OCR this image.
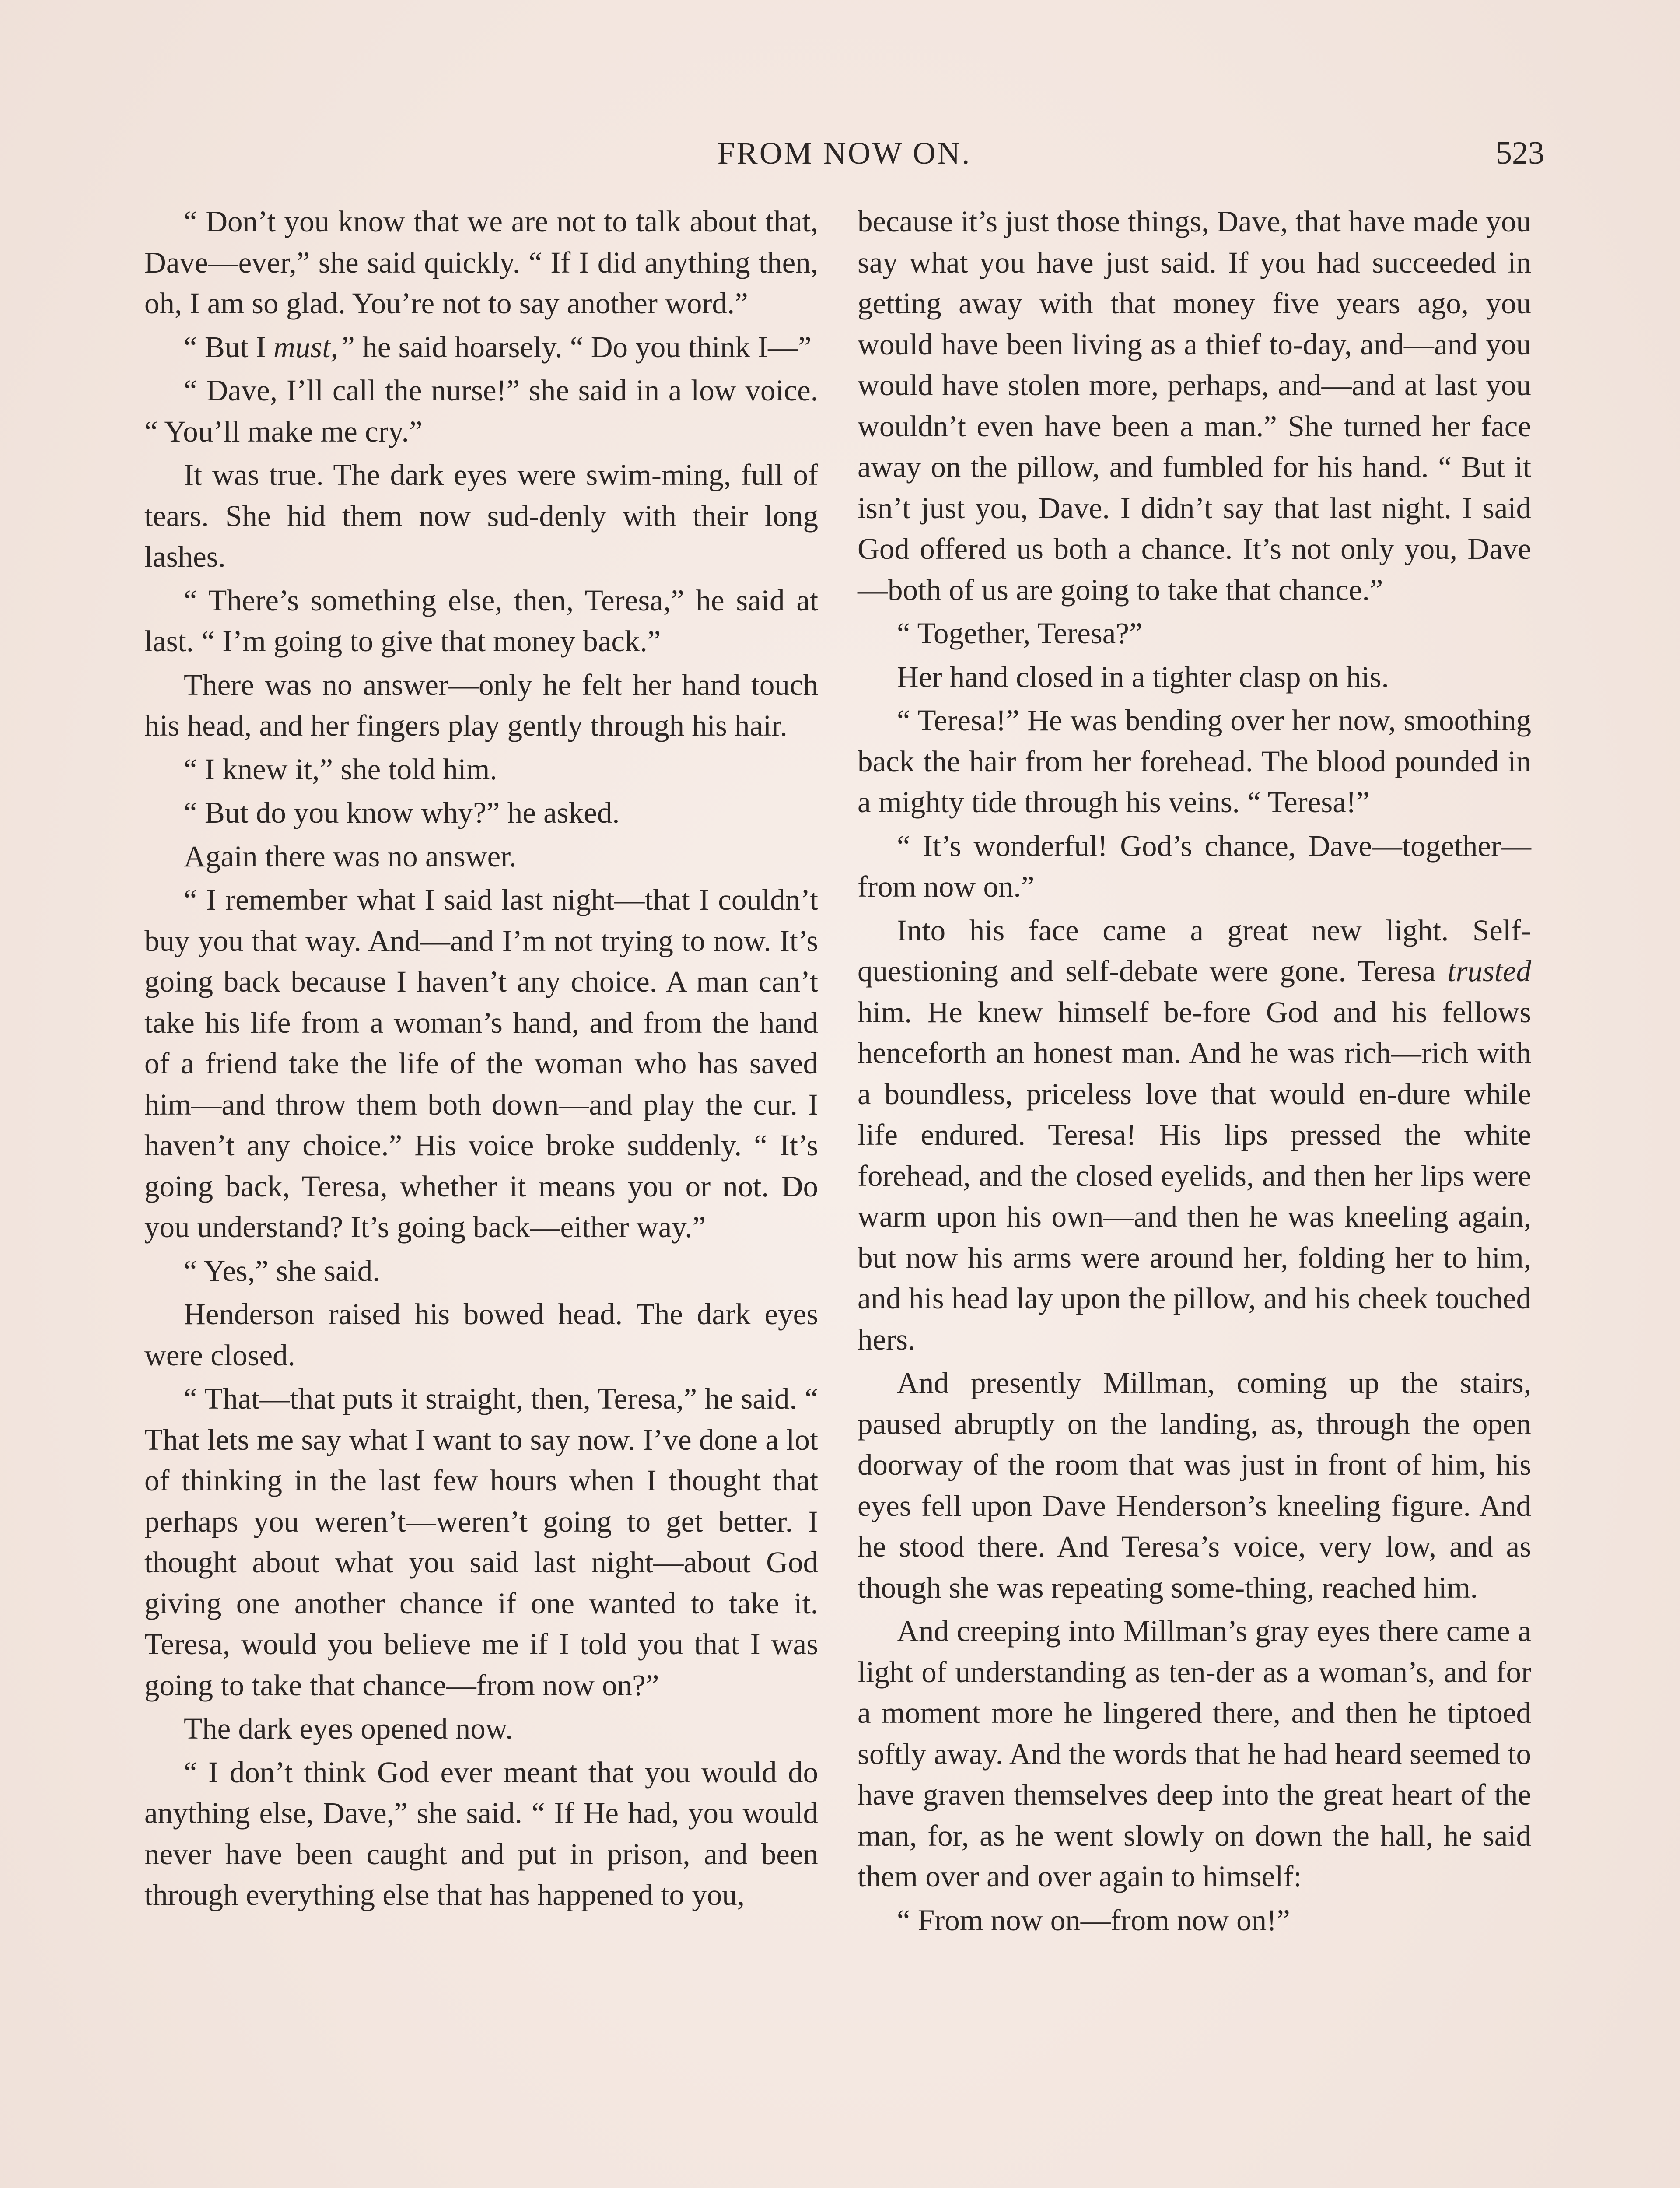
FROM NOW ON.	523

“ Don’t you know that we are not to talk about that, Dave—ever,” she said quickly. “ If I did anything then, oh, I am so glad. You’re not to say another word.”

“ But I must,” he said hoarsely. “ Do you think I—”

“ Dave, I’ll call the nurse!” she said in a low voice. “ You’ll make me cry.”

It was true. The dark eyes were swim-ming, full of tears. She hid them now sud-denly with their long lashes.

“ There’s something else, then, Teresa,” he said at last. “ I’m going to give that money back.”

There was no answer—only he felt her hand touch his head, and her fingers play gently through his hair.

“ I knew it,” she told him.

“ But do you know why?” he asked.

Again there was no answer.

“ I remember what I said last night—that I couldn’t buy you that way. And—and I’m not trying to now. It’s going back because I haven’t any choice. A man can’t take his life from a woman’s hand, and from the hand of a friend take the life of the woman who has saved him—and throw them both down—and play the cur. I haven’t any choice.” His voice broke suddenly. “ It’s going back, Teresa, whether it means you or not. Do you understand? It’s going back—either way.”

“ Yes,” she said.

Henderson raised his bowed head. The dark eyes were closed.

“ That—that puts it straight, then, Teresa,” he said. “ That lets me say what I want to say now. I’ve done a lot of thinking in the last few hours when I thought that perhaps you weren’t—weren’t going to get better. I thought about what you said last night—about God giving one another chance if one wanted to take it. Teresa, would you believe me if I told you that I was going to take that chance—from now on?”

The dark eyes opened now.

“ I don’t think God ever meant that you would do anything else, Dave,” she said. “ If He had, you would never have been caught and put in prison, and been through everything else that has happened to you,

because it’s just those things, Dave, that have made you say what you have just said. If you had succeeded in getting away with that money five years ago, you would have been living as a thief to-day, and—and you would have stolen more, perhaps, and—and at last you wouldn’t even have been a man.” She turned her face away on the pillow, and fumbled for his hand. “ But it isn’t just you, Dave. I didn’t say that last night. I said God offered us both a chance. It’s not only you, Dave—both of us are going to take that chance.”

“ Together, Teresa?”

Her hand closed in a tighter clasp on his.

“ Teresa!” He was bending over her now, smoothing back the hair from her forehead. The blood pounded in a mighty tide through his veins. “ Teresa!”

“ It’s wonderful! God’s chance, Dave—together—from now on.”

Into his face came a great new light. Self-questioning and self-debate were gone. Teresa trusted him. He knew himself be-fore God and his fellows henceforth an honest man. And he was rich—rich with a boundless, priceless love that would en-dure while life endured. Teresa! His lips pressed the white forehead, and the closed eyelids, and then her lips were warm upon his own—and then he was kneeling again, but now his arms were around her, folding her to him, and his head lay upon the pillow, and his cheek touched hers.

And presently Millman, coming up the stairs, paused abruptly on the landing, as, through the open doorway of the room that was just in front of him, his eyes fell upon Dave Henderson’s kneeling figure. And he stood there. And Teresa’s voice, very low, and as though she was repeating some-thing, reached him.

And creeping into Millman’s gray eyes there came a light of understanding as ten-der as a woman’s, and for a moment more he lingered there, and then he tiptoed softly away. And the words that he had heard seemed to have graven themselves deep into the great heart of the man, for, as he went slowly on down the hall, he said them over and over again to himself:

“ From now on—from now on!”
